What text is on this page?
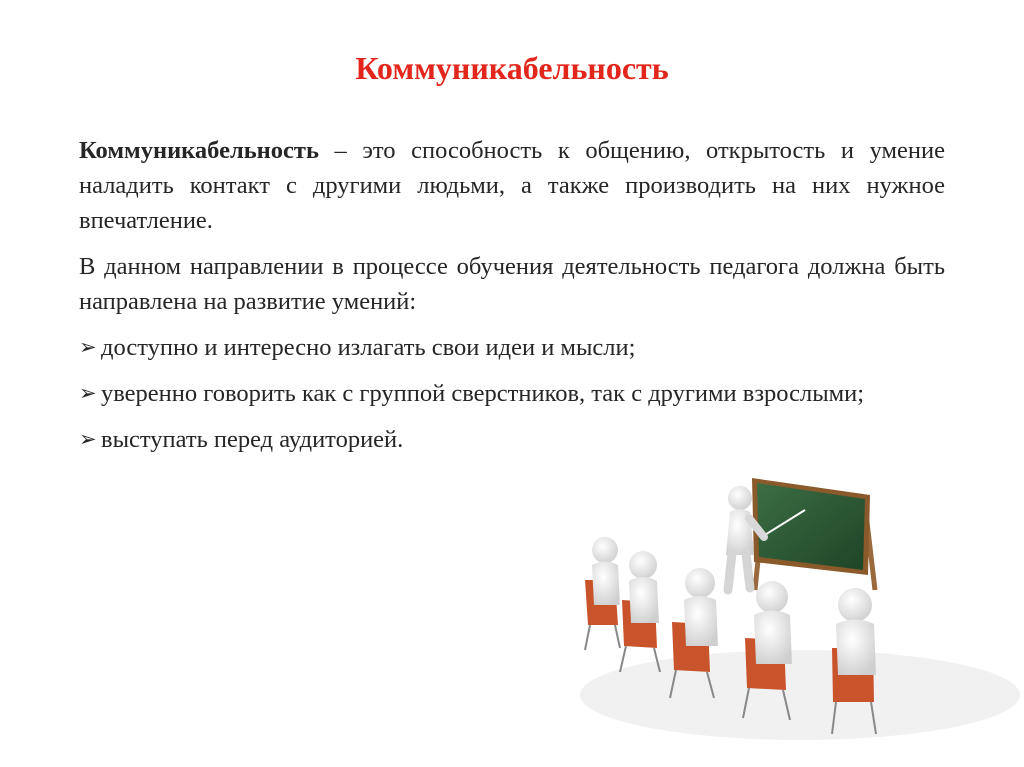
Коммуникабельность

Коммуникабельность – это способность к общению, открытость и умение наладить контакт с другими людьми, а также производить на них нужное впечатление.

В данном направлении в процессе обучения деятельность педагога должна быть направлена на развитие умений:

➢ доступно и интересно излагать свои идеи и мысли;
➢ уверенно говорить как с группой сверстников, так с другими взрослыми;
➢ выступать перед аудиторией.
